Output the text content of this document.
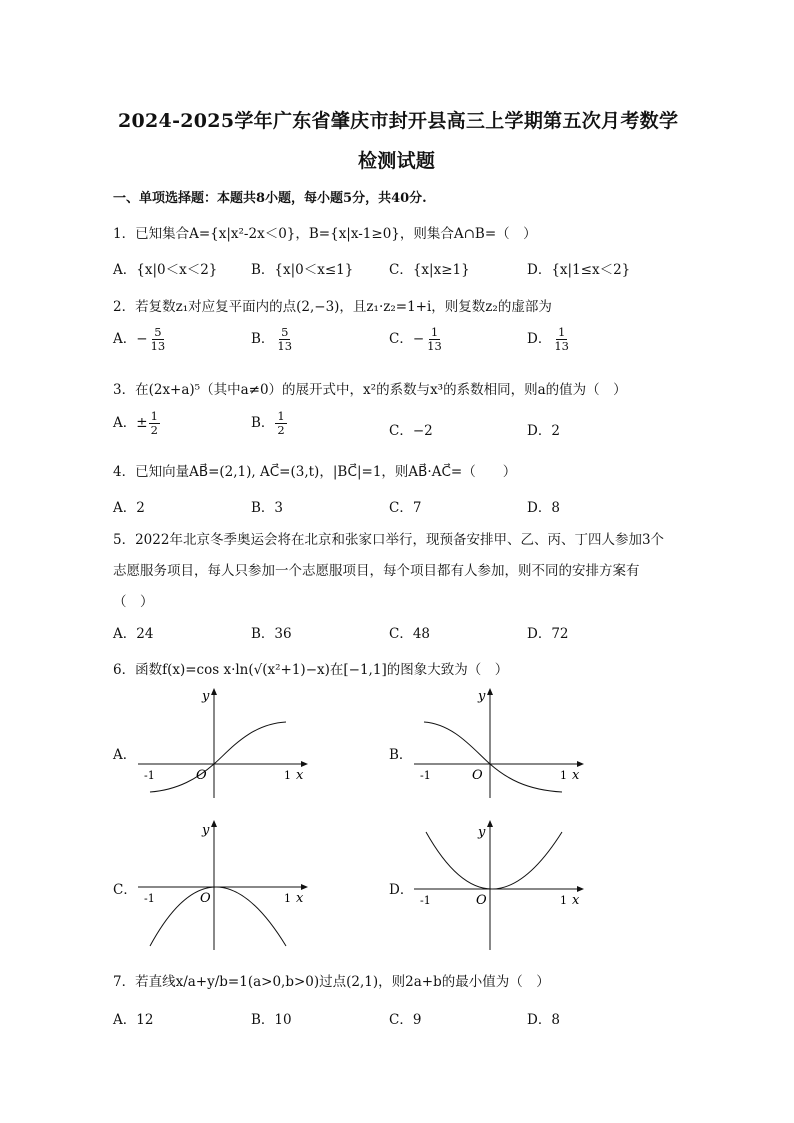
2024-2025学年广东省肇庆市封开县高三上学期第五次月考数学
检测试题
一、单项选择题：本题共8小题，每小题5分，共40分.
1．已知集合A={x|x²-2x＜0}，B={x|x-1≥0}，则集合A∩B=（　）
A．{x|0＜x＜2} B．{x|0＜x≤1}	C．{x|x≥1}	D．{x|1≤x＜2}
2．若复数z₁对应复平面内的点(2,−3)，且z₁·z₂=1+i，则复数z₂的虚部为
A．− $\frac{5}{13}$	B． $\frac{5}{13}$	C．− $\frac{1}{13}$	D． $\frac{1}{13}$
3．在(2x+a)⁵（其中a≠0）的展开式中，x²的系数与x³的系数相同，则a的值为（　）
A．± $\frac{1}{2}$	B． $\frac{1}{2}$	C．−2	D．2
4．已知向量AB⃗=(2,1), AC⃗=(3,t)，|BC⃗|=1，则AB⃗·AC⃗=（　　）
A．2	B．3	C．7	D．8
5．2022年北京冬季奥运会将在北京和张家口举行，现预备安排甲、乙、丙、丁四人参加3个
志愿服务项目，每人只参加一个志愿服项目，每个项目都有人参加，则不同的安排方案有
（　）
A．24	B．36	C．48	D．72
6．函数f(x)=cos x·ln(√(x²+1)−x)在[−1,1]的图象大致为（　）
A．
y
O
-1	1 x
B．
y
O
-1	1 x
C．
y
O
-1	1 x
D．
y
O
-1	1 x
7．若直线x/a+y/b=1(a>0,b>0)过点(2,1)，则2a+b的最小值为（　）
A．12	B．10	C．9	D．8
